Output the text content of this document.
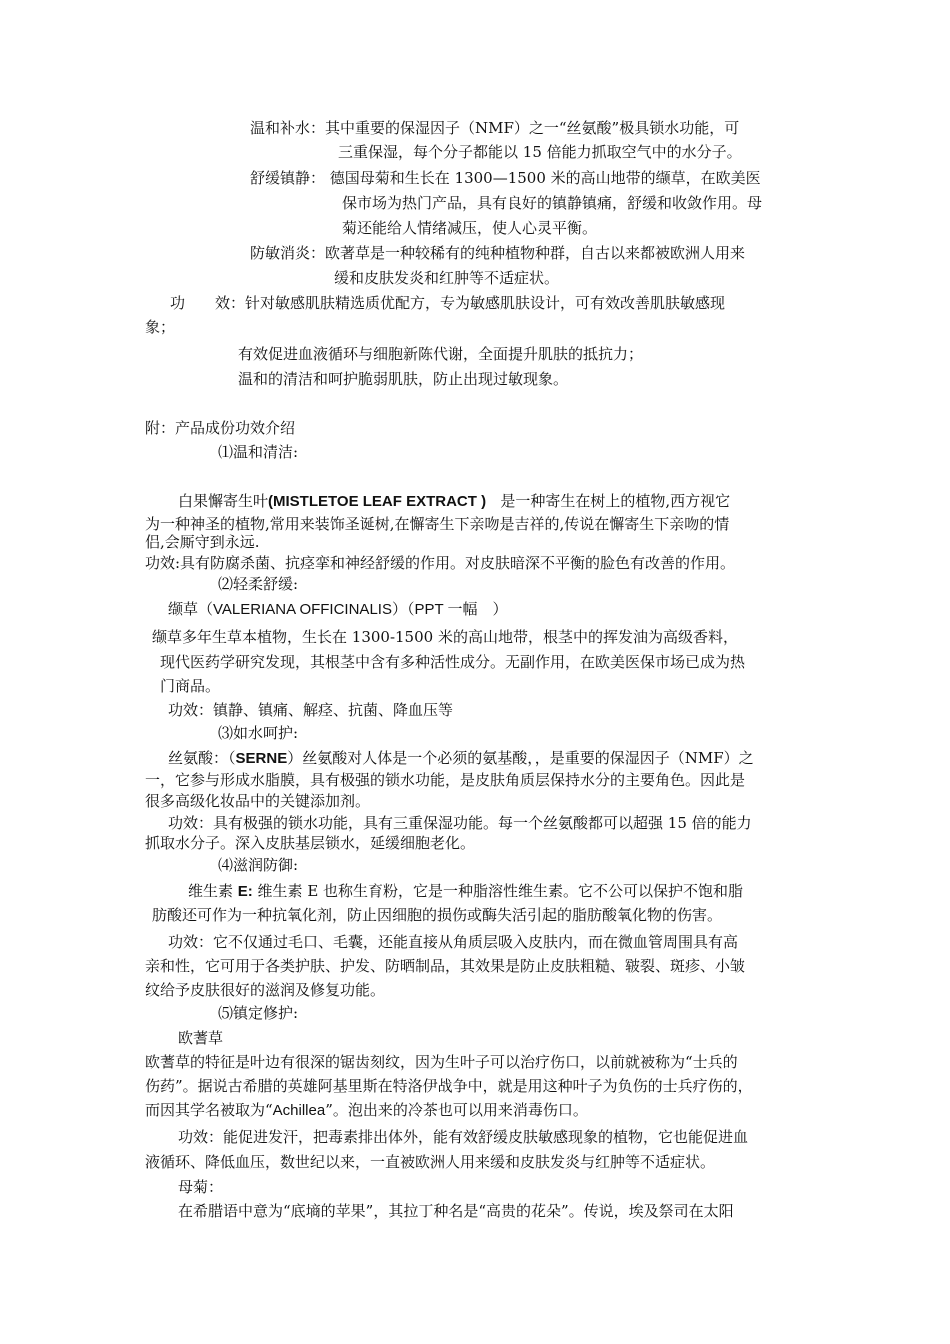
温和补水：其中重要的保湿因子（NMF）之一“丝氨酸”极具锁水功能，可
三重保湿，每个分子都能以 15 倍能力抓取空气中的水分子。
舒缓镇静： 德国母菊和生长在 1300—1500 米的高山地带的缬草，在欧美医
保市场为热门产品，具有良好的镇静镇痛，舒缓和收敛作用。母
菊还能给人情绪减压，使人心灵平衡。
防敏消炎：欧著草是一种较稀有的纯种植物种群，自古以来都被欧洲人用来
缓和皮肤发炎和红肿等不适症状。
功　　效：针对敏感肌肤精选质优配方，专为敏感肌肤设计，可有效改善肌肤敏感现
象；
有效促进血液循环与细胞新陈代谢，全面提升肌肤的抵抗力；
温和的清洁和呵护脆弱肌肤，防止出现过敏现象。
附：产品成份功效介绍
⑴温和清洁:
白果懈寄生叶(MISTLETOE LEAF EXTRACT ) 是一种寄生在树上的植物,西方视它
为一种神圣的植物,常用来装饰圣诞树,在懈寄生下亲吻是吉祥的,传说在懈寄生下亲吻的情
侣,会厮守到永远.
功效:具有防腐杀菌、抗痉挛和神经舒缓的作用。对皮肤暗深不平衡的脸色有改善的作用。
⑵轻柔舒缓:
缬草（VALERIANA OFFICINALIS）（PPT 一幅　）
缬草多年生草本植物，生长在 1300-1500 米的高山地带，根茎中的挥发油为高级香料，
现代医药学研究发现，其根茎中含有多种活性成分。无副作用，在欧美医保市场已成为热
门商品。
功效：镇静、镇痛、解痉、抗菌、降血压等
⑶如水呵护:
丝氨酸：（SERNE）丝氨酸对人体是一个必须的氨基酸，，是重要的保湿因子（NMF）之
一，它参与形成水脂膜，具有极强的锁水功能，是皮肤角质层保持水分的主要角色。因此是
很多高级化妆品中的关键添加剂。
功效：具有极强的锁水功能，具有三重保湿功能。每一个丝氨酸都可以超强 15 倍的能力
抓取水分子。深入皮肤基层锁水，延缓细胞老化。
⑷滋润防御:
维生素 E: 维生素 E 也称生育粉，它是一种脂溶性维生素。它不公可以保护不饱和脂
肪酸还可作为一种抗氧化剂，防止因细胞的损伤或酶失活引起的脂肪酸氧化物的伤害。
功效：它不仅通过毛口、毛囊，还能直接从角质层吸入皮肤内，而在微血管周围具有高
亲和性，它可用于各类护肤、护发、防晒制品，其效果是防止皮肤粗糙、皲裂、斑疹、小皱
纹给予皮肤很好的滋润及修复功能。
⑸镇定修护:
欧蓍草
欧蓍草的特征是叶边有很深的锯齿刻纹，因为生叶子可以治疗伤口，以前就被称为“士兵的
伤药”。据说古希腊的英雄阿基里斯在特洛伊战争中，就是用这种叶子为负伤的士兵疗伤的，
而因其学名被取为“Achillea”。泡出来的冷茶也可以用来消毒伤口。
功效：能促进发汗，把毒素排出体外，能有效舒缓皮肤敏感现象的植物，它也能促进血
液循环、降低血压，数世纪以来，一直被欧洲人用来缓和皮肤发炎与红肿等不适症状。
母菊：
在希腊语中意为“底墒的苹果”，其拉丁种名是“高贵的花朵”。传说，埃及祭司在太阳
